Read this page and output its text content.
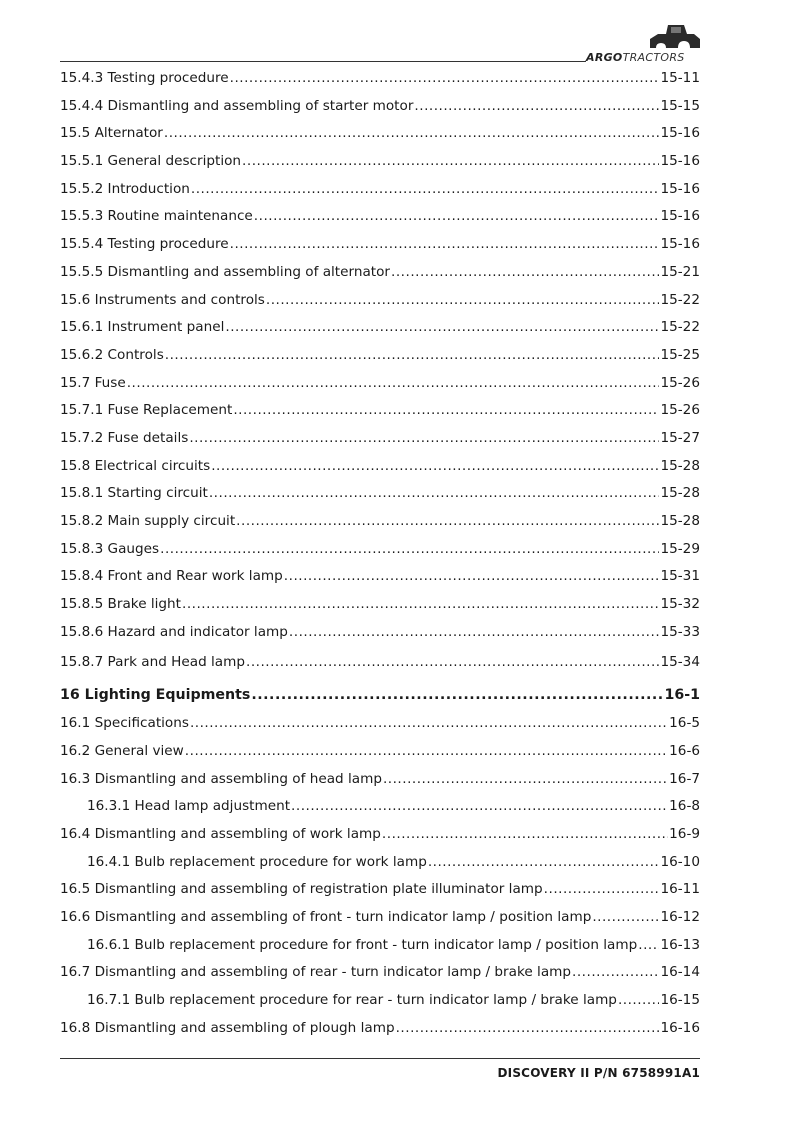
ARGOTRACTORS
15.4.3 Testing procedure .....	15-11
15.4.4 Dismantling and assembling of starter motor .....	15-15
15.5 Alternator .....	15-16
15.5.1 General description .....	15-16
15.5.2 Introduction .....	15-16
15.5.3 Routine maintenance .....	15-16
15.5.4 Testing procedure .....	15-16
15.5.5 Dismantling and assembling of alternator .....	15-21
15.6 Instruments and controls .....	15-22
15.6.1 Instrument panel .....	15-22
15.6.2 Controls .....	15-25
15.7 Fuse .....	15-26
15.7.1 Fuse Replacement .....	15-26
15.7.2 Fuse details .....	15-27
15.8 Electrical circuits .....	15-28
15.8.1 Starting circuit .....	15-28
15.8.2 Main supply circuit .....	15-28
15.8.3 Gauges .....	15-29
15.8.4 Front and Rear work lamp .....	15-31
15.8.5 Brake light .....	15-32
15.8.6 Hazard and indicator lamp .....	15-33
15.8.7 Park and Head lamp .....	15-34
16 Lighting Equipments .....	16-1
16.1 Specifications .....	16-5
16.2 General view .....	16-6
16.3 Dismantling and assembling of head lamp .....	16-7
16.3.1 Head lamp adjustment .....	16-8
16.4 Dismantling and assembling of work lamp .....	16-9
16.4.1 Bulb replacement procedure for work lamp .....	16-10
16.5 Dismantling and assembling of registration plate illuminator lamp .....	16-11
16.6 Dismantling and assembling of front - turn indicator lamp / position lamp .....	16-12
16.6.1 Bulb replacement procedure for front - turn indicator lamp / position lamp ..... 16-13
16.7 Dismantling and assembling of rear - turn indicator lamp / brake lamp .....	16-14
16.7.1 Bulb replacement procedure for rear - turn indicator lamp / brake lamp .....	16-15
16.8 Dismantling and assembling of plough lamp .....	16-16
DISCOVERY II P/N 6758991A1
